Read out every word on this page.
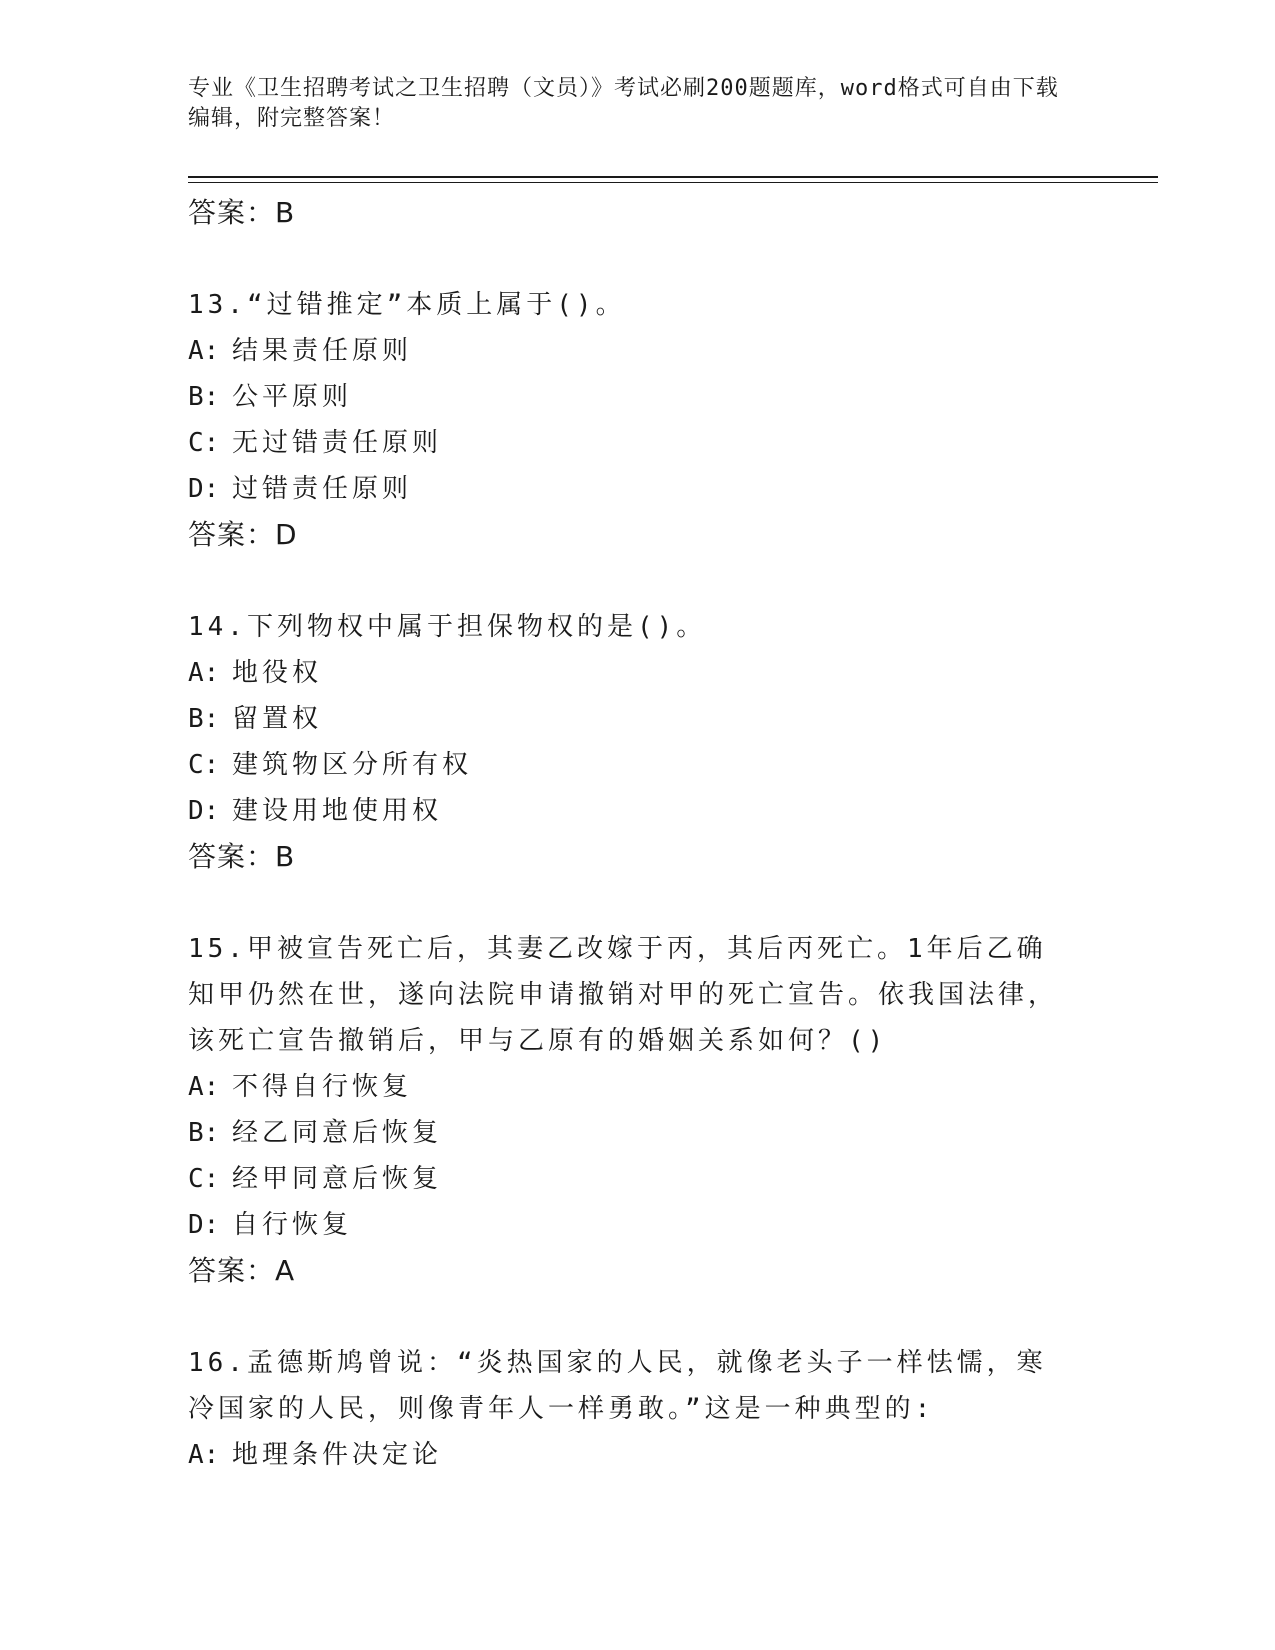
专业《卫生招聘考试之卫生招聘（文员）》考试必刷200题题库，word格式可自由下载编辑，附完整答案！
答案：B
13.“过错推定”本质上属于()。
A: 结果责任原则
B: 公平原则
C: 无过错责任原则
D: 过错责任原则
答案：D
14.下列物权中属于担保物权的是()。
A: 地役权
B: 留置权
C: 建筑物区分所有权
D: 建设用地使用权
答案：B
15.甲被宣告死亡后，其妻乙改嫁于丙，其后丙死亡。1年后乙确知甲仍然在世，遂向法院申请撤销对甲的死亡宣告。依我国法律，该死亡宣告撤销后，甲与乙原有的婚姻关系如何？()
A: 不得自行恢复
B: 经乙同意后恢复
C: 经甲同意后恢复
D: 自行恢复
答案：A
16.孟德斯鸠曾说：“炎热国家的人民，就像老头子一样怯懦，寒冷国家的人民，则像青年人一样勇敢。”这是一种典型的:
A: 地理条件决定论
